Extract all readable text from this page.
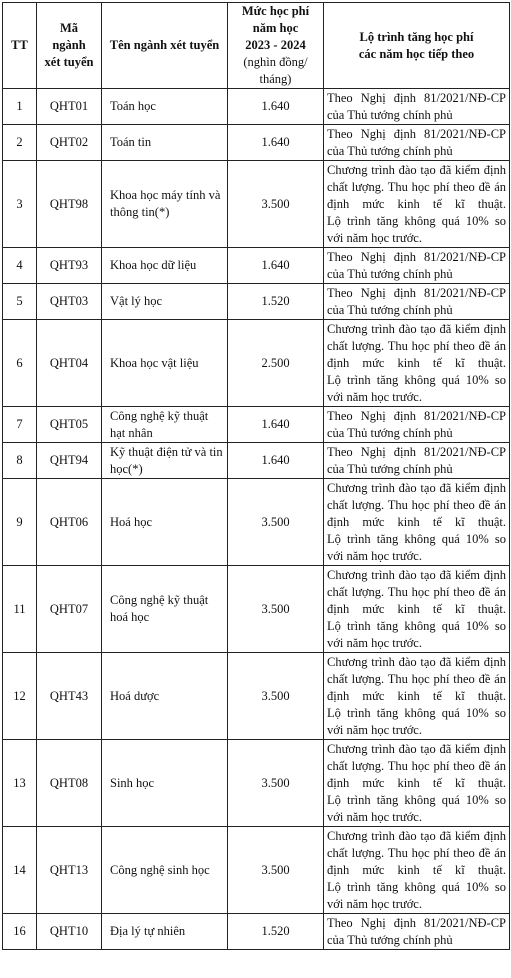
TT	Mã
ngành
xét tuyển	Tên ngành xét tuyển	Mức học phí
năm học
2023 - 2024
(nghìn đồng/
tháng)	Lộ trình tăng học phí
các năm học tiếp theo

1	QHT01	Toán học	1.640	Theo Nghị định 81/2021/NĐ-CP
của Thủ tướng chính phủ

2	QHT02	Toán tin	1.640	Theo Nghị định 81/2021/NĐ-CP
của Thủ tướng chính phủ

3	QHT98	Khoa học máy tính và
thông tin(*)	3.500	Chương trình đào tạo đã kiểm định
chất lượng. Thu học phí theo đề án
định mức kinh tế kĩ thuật.
Lộ trình tăng không quá 10% so
với năm học trước.

4	QHT93	Khoa học dữ liệu	1.640	Theo Nghị định 81/2021/NĐ-CP
của Thủ tướng chính phủ

5	QHT03	Vật lý học	1.520	Theo Nghị định 81/2021/NĐ-CP
của Thủ tướng chính phủ

6	QHT04	Khoa học vật liệu	2.500	Chương trình đào tạo đã kiểm định
chất lượng. Thu học phí theo đề án
định mức kinh tế kĩ thuật.
Lộ trình tăng không quá 10% so
với năm học trước.

7	QHT05	Công nghệ kỹ thuật
hạt nhân	1.640	Theo Nghị định 81/2021/NĐ-CP
của Thủ tướng chính phủ

8	QHT94	Kỹ thuật điện tử và tin
học(*)	1.640	Theo Nghị định 81/2021/NĐ-CP
của Thủ tướng chính phủ

9	QHT06	Hoá học	3.500	Chương trình đào tạo đã kiểm định
chất lượng. Thu học phí theo đề án
định mức kinh tế kĩ thuật.
Lộ trình tăng không quá 10% so
với năm học trước.

11	QHT07	Công nghệ kỹ thuật
hoá học	3.500	Chương trình đào tạo đã kiểm định
chất lượng. Thu học phí theo đề án
định mức kinh tế kĩ thuật.
Lộ trình tăng không quá 10% so
với năm học trước.

12	QHT43	Hoá dược	3.500	Chương trình đào tạo đã kiểm định
chất lượng. Thu học phí theo đề án
định mức kinh tế kĩ thuật.
Lộ trình tăng không quá 10% so
với năm học trước.

13	QHT08	Sinh học	3.500	Chương trình đào tạo đã kiểm định
chất lượng. Thu học phí theo đề án
định mức kinh tế kĩ thuật.
Lộ trình tăng không quá 10% so
với năm học trước.

14	QHT13	Công nghệ sinh học	3.500	Chương trình đào tạo đã kiểm định
chất lượng. Thu học phí theo đề án
định mức kinh tế kĩ thuật.
Lộ trình tăng không quá 10% so
với năm học trước.

16	QHT10	Địa lý tự nhiên	1.520	Theo Nghị định 81/2021/NĐ-CP
của Thủ tướng chính phủ
